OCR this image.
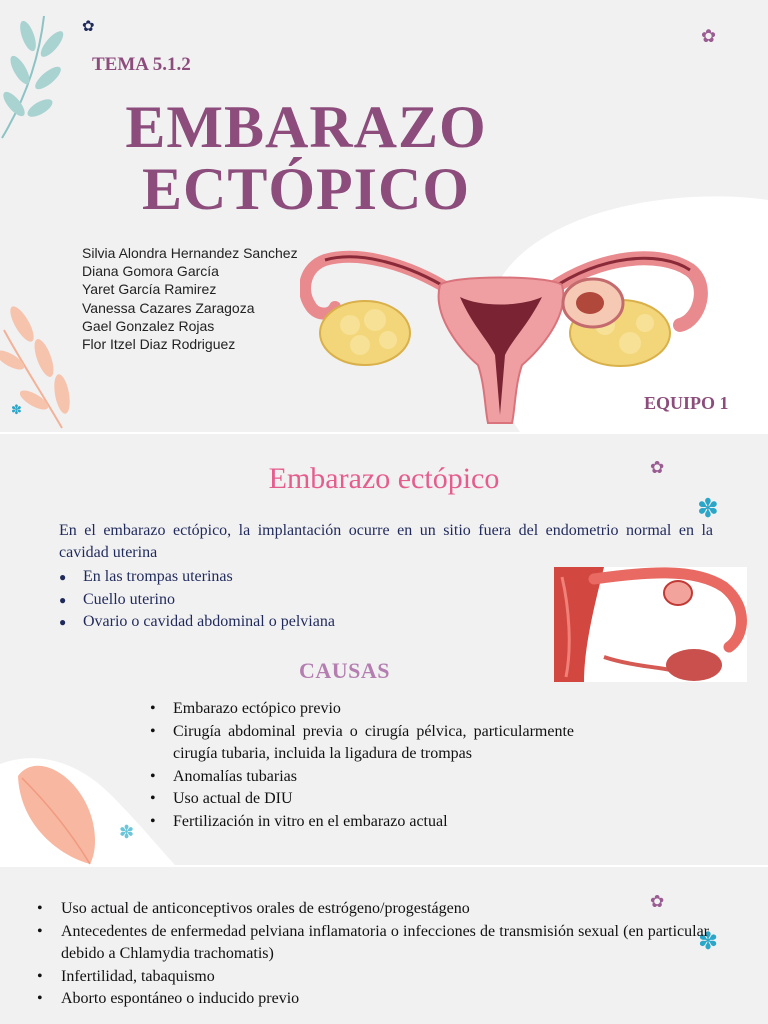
✿	✿
✽
TEMA 5.1.2
EMBARAZO
ECTÓPICO
Silvia Alondra Hernandez Sanchez
Diana Gomora García
Yaret García Ramirez
Vanessa Cazares Zaragoza
Gael Gonzalez Rojas
Flor Itzel Diaz Rodriguez
EQUIPO 1
✿
✽
✽
Embarazo ectópico
En el embarazo ectópico, la implantación ocurre en un sitio fuera del endometrio normal en la cavidad uterina
● En las trompas uterinas
● Cuello uterino
● Ovario o cavidad abdominal o pelviana
CAUSAS
• Embarazo ectópico previo
• Cirugía abdominal previa o cirugía pélvica, particularmente cirugía tubaria, incluida la ligadura de trompas
• Anomalías tubarias
• Uso actual de DIU
• Fertilización in vitro en el embarazo actual
✿
✽
• Uso actual de anticonceptivos orales de estrógeno/progestágeno
• Antecedentes de enfermedad pelviana inflamatoria o infecciones de transmisión sexual (en particular debido a Chlamydia trachomatis)
• Infertilidad, tabaquismo
• Aborto espontáneo o inducido previo
